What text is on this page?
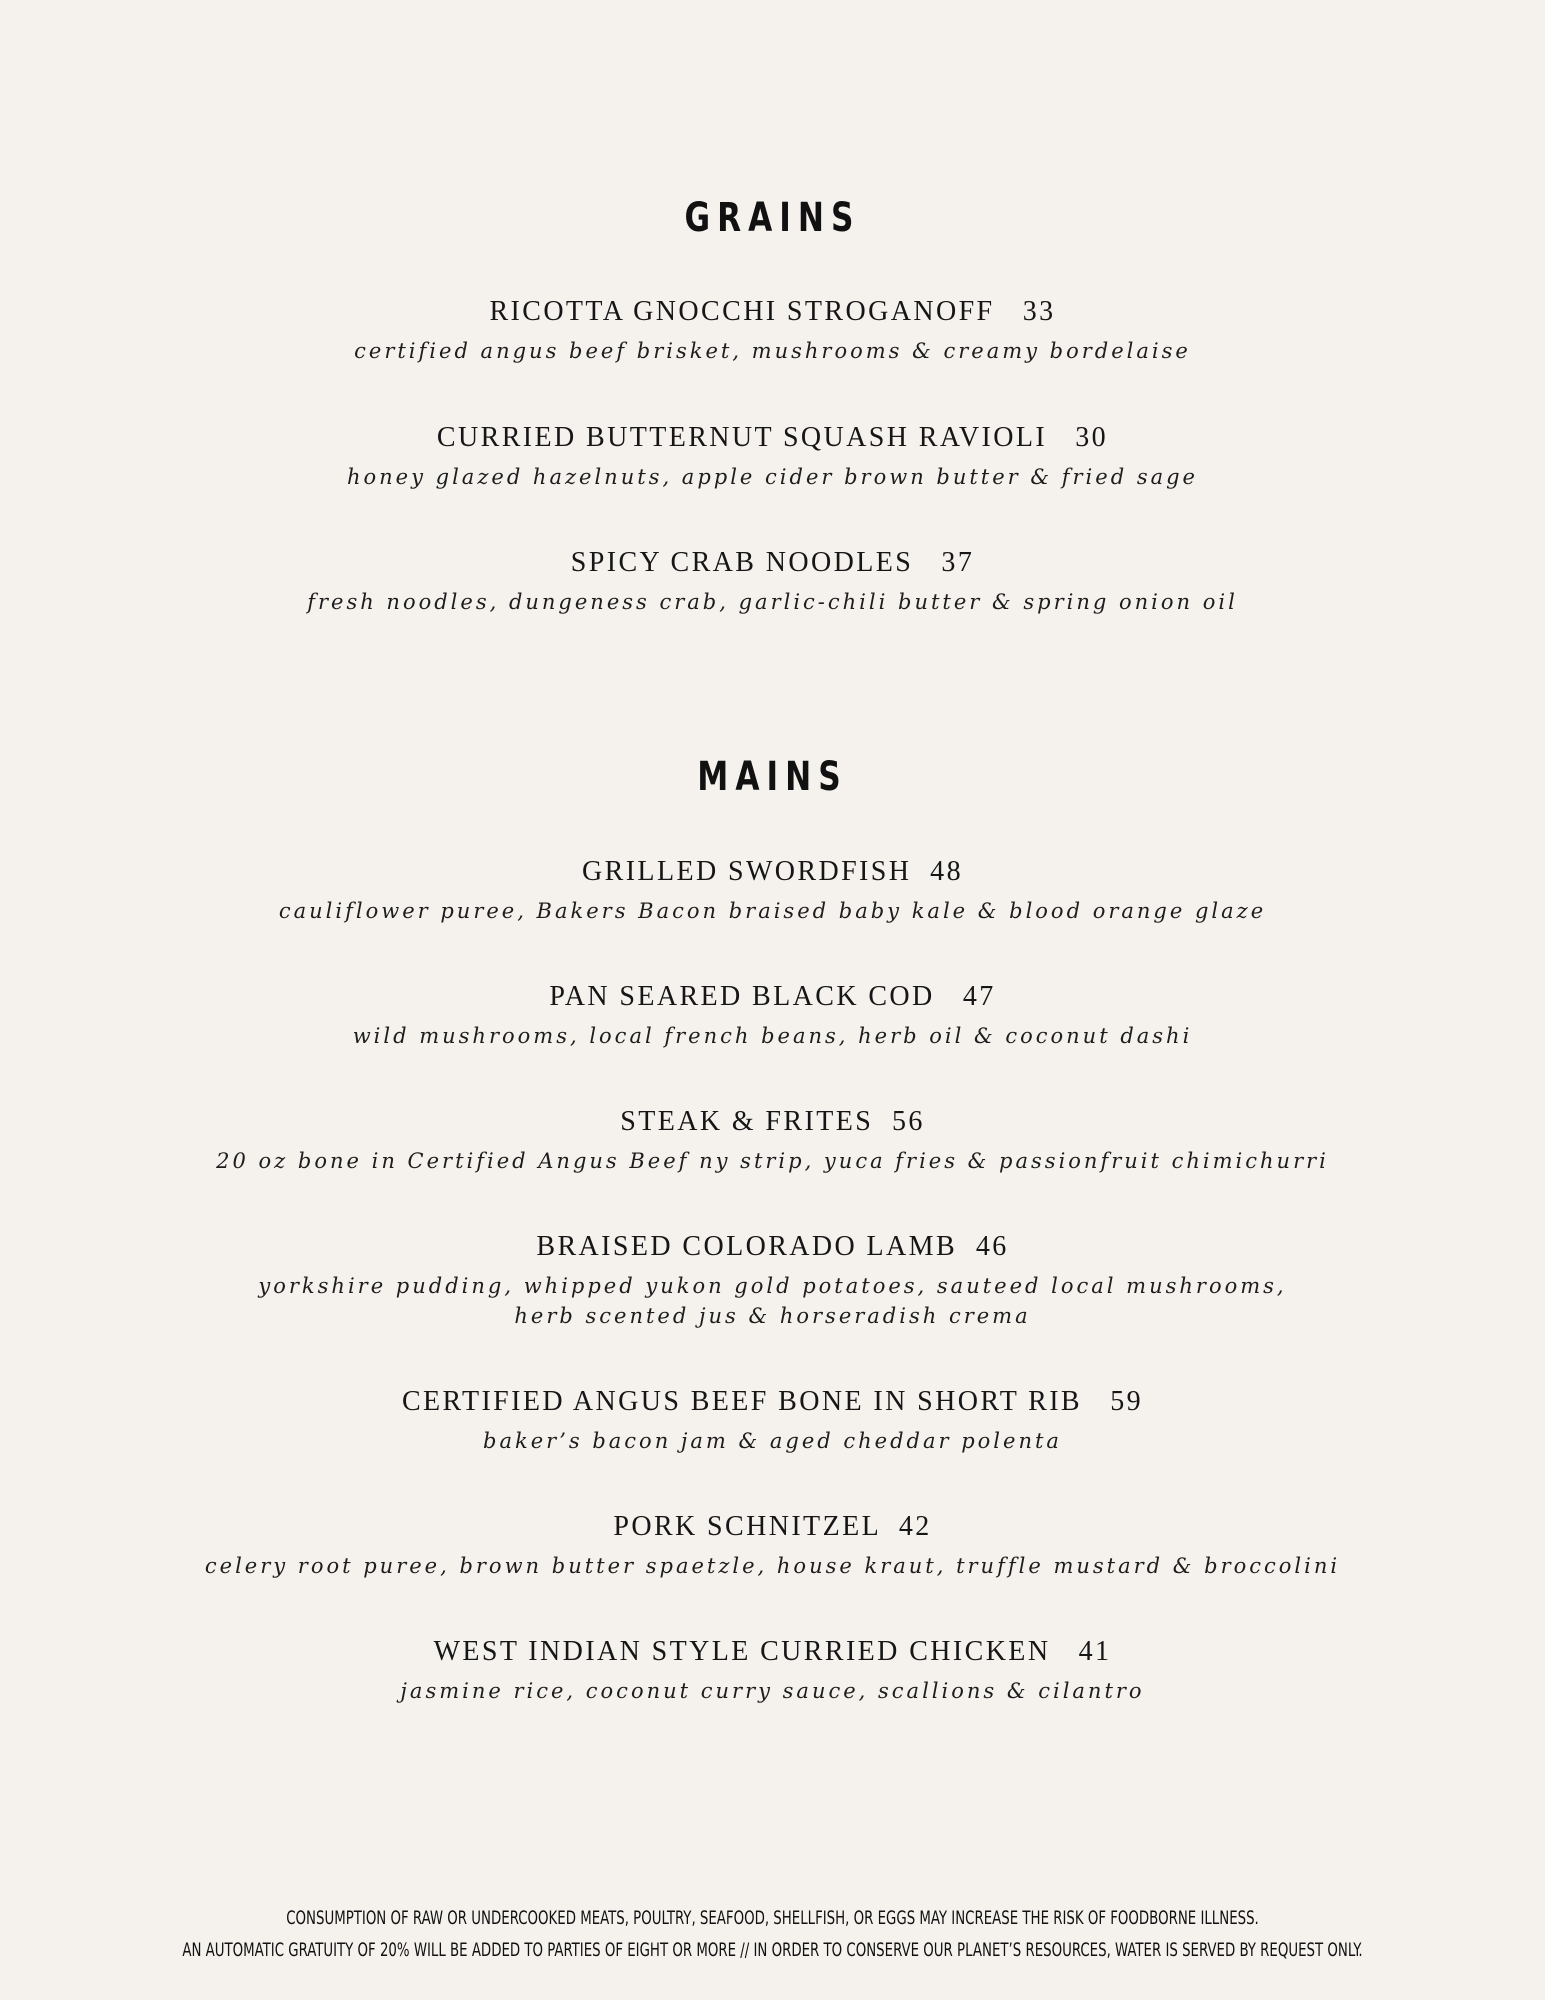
GRAINS

RICOTTA GNOCCHI STROGANOFF   33

certified angus beef brisket, mushrooms & creamy bordelaise

CURRIED BUTTERNUT SQUASH RAVIOLI   30

honey glazed hazelnuts, apple cider brown butter & fried sage

SPICY CRAB NOODLES   37

fresh noodles, dungeness crab, garlic-chili butter & spring onion oil

MAINS

GRILLED SWORDFISH  48

cauliflower puree, Bakers Bacon braised baby kale & blood orange glaze

PAN SEARED BLACK COD   47

wild mushrooms, local french beans, herb oil & coconut dashi

STEAK & FRITES  56

20 oz bone in Certified Angus Beef ny strip, yuca fries & passionfruit chimichurri

BRAISED COLORADO LAMB  46

yorkshire pudding, whipped yukon gold potatoes, sauteed local mushrooms,
herb scented jus & horseradish crema

CERTIFIED ANGUS BEEF BONE IN SHORT RIB   59

baker’s bacon jam & aged cheddar polenta

PORK SCHNITZEL  42

celery root puree, brown butter spaetzle, house kraut, truffle mustard & broccolini

WEST INDIAN STYLE CURRIED CHICKEN   41

jasmine rice, coconut curry sauce, scallions & cilantro

CONSUMPTION OF RAW OR UNDERCOOKED MEATS, POULTRY, SEAFOOD, SHELLFISH, OR EGGS MAY INCREASE THE RISK OF FOODBORNE ILLNESS.
AN AUTOMATIC GRATUITY OF 20% WILL BE ADDED TO PARTIES OF EIGHT OR MORE // IN ORDER TO CONSERVE OUR PLANET’S RESOURCES, WATER IS SERVED BY REQUEST ONLY.
